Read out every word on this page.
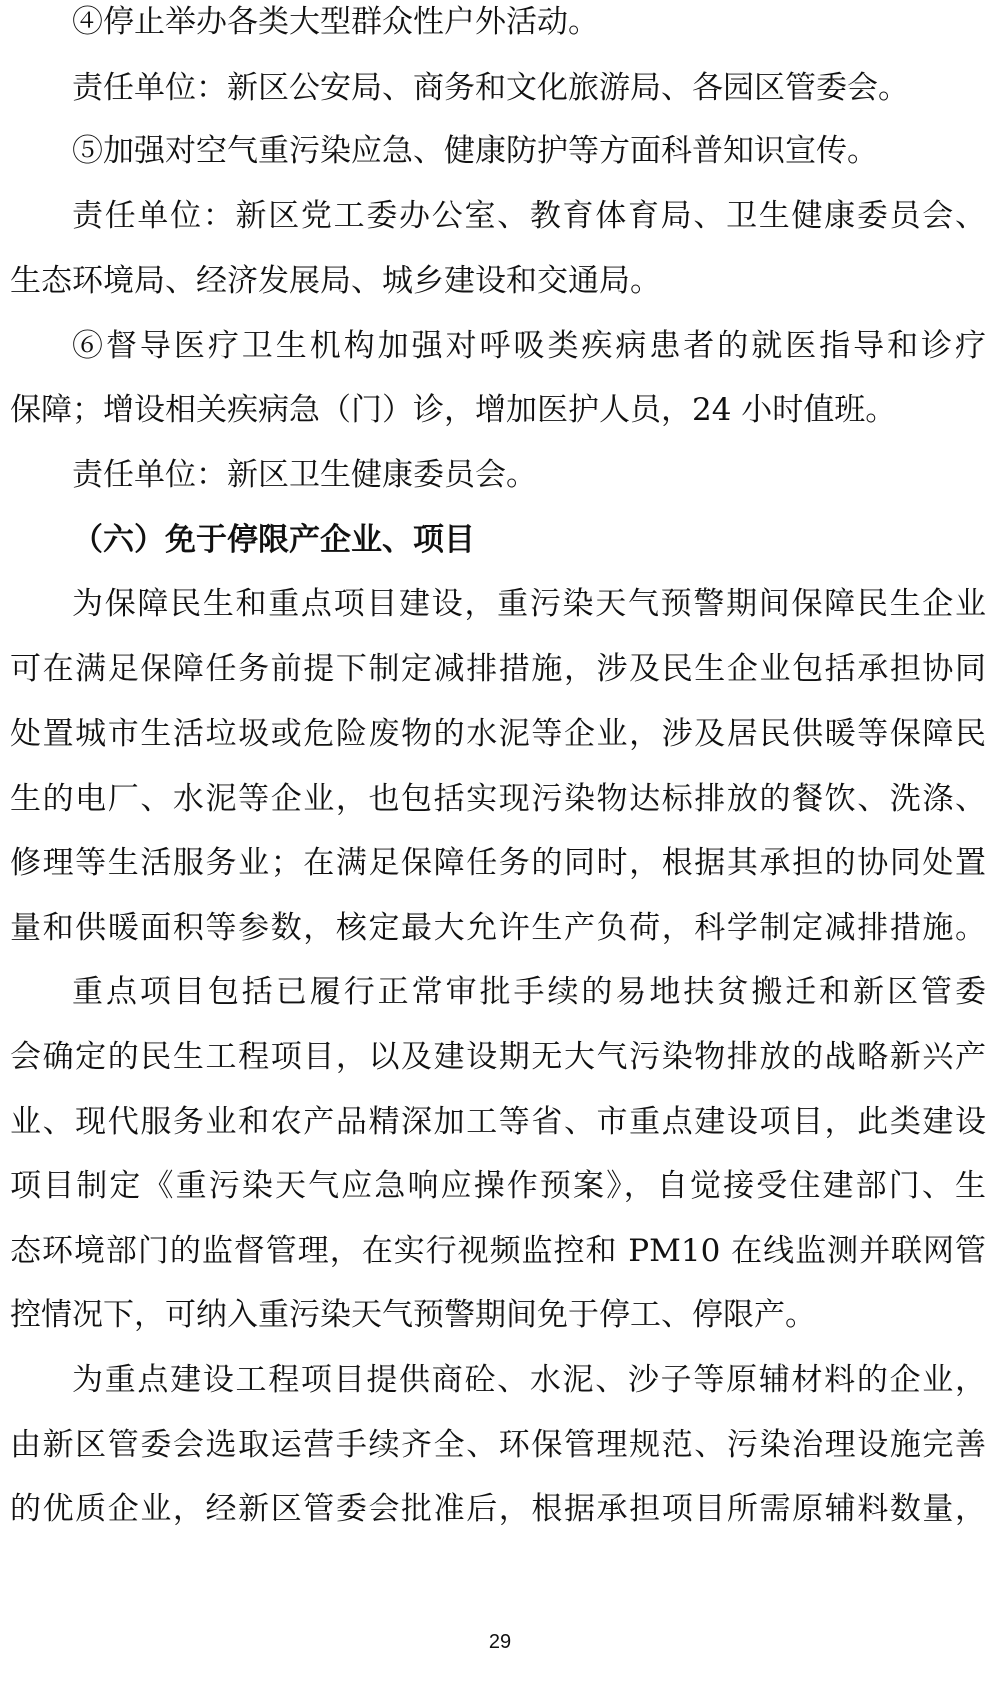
④停止举办各类大型群众性户外活动。
责任单位：新区公安局、商务和文化旅游局、各园区管委会。
⑤加强对空气重污染应急、健康防护等方面科普知识宣传。
责任单位：新区党工委办公室、教育体育局、卫生健康委员会、
生态环境局、经济发展局、城乡建设和交通局。
⑥督导医疗卫生机构加强对呼吸类疾病患者的就医指导和诊疗
保障；增设相关疾病急（门）诊，增加医护人员，24 小时值班。
责任单位：新区卫生健康委员会。
（六）免于停限产企业、项目
为保障民生和重点项目建设，重污染天气预警期间保障民生企业
可在满足保障任务前提下制定减排措施，涉及民生企业包括承担协同
处置城市生活垃圾或危险废物的水泥等企业，涉及居民供暖等保障民
生的电厂、水泥等企业，也包括实现污染物达标排放的餐饮、洗涤、
修理等生活服务业；在满足保障任务的同时，根据其承担的协同处置
量和供暖面积等参数，核定最大允许生产负荷，科学制定减排措施。
重点项目包括已履行正常审批手续的易地扶贫搬迁和新区管委
会确定的民生工程项目，以及建设期无大气污染物排放的战略新兴产
业、现代服务业和农产品精深加工等省、市重点建设项目，此类建设
项目制定《重污染天气应急响应操作预案》，自觉接受住建部门、生
态环境部门的监督管理，在实行视频监控和 PM10 在线监测并联网管
控情况下，可纳入重污染天气预警期间免于停工、停限产。
为重点建设工程项目提供商砼、水泥、沙子等原辅材料的企业，
由新区管委会选取运营手续齐全、环保管理规范、污染治理设施完善
的优质企业，经新区管委会批准后，根据承担项目所需原辅料数量，
29
